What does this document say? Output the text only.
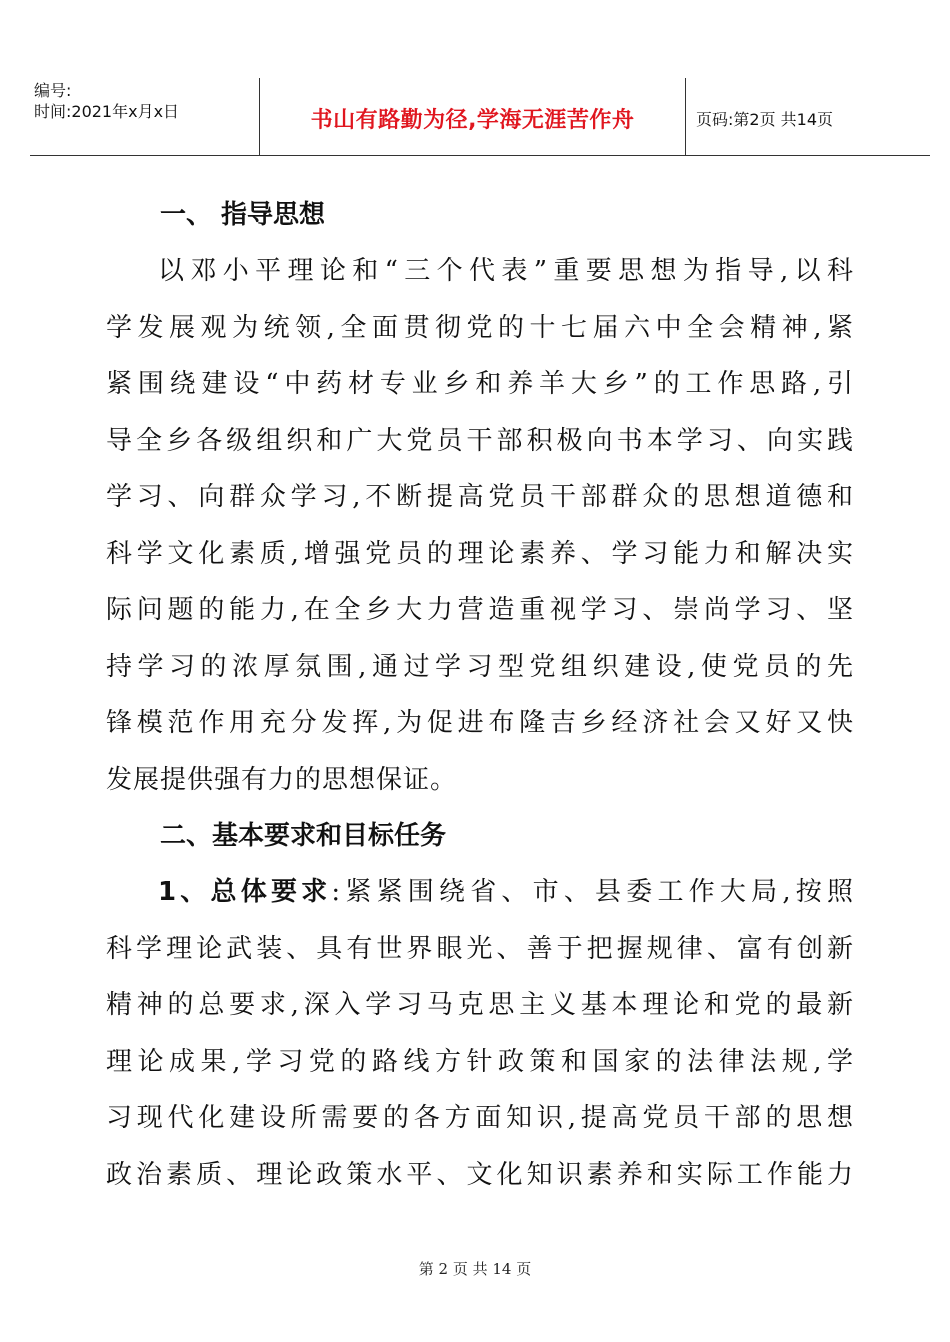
编号:
时间:2021年x月x日	书山有路勤为径,学海无涯苦作舟	页码:第2页 共14页
一、 指导思想

以邓小平理论和“三个代表”重要思想为指导,以科

学发展观为统领,全面贯彻党的十七届六中全会精神,紧

紧围绕建设“中药材专业乡和养羊大乡”的工作思路,引

导全乡各级组织和广大党员干部积极向书本学习、向实践

学习、向群众学习,不断提高党员干部群众的思想道德和

科学文化素质,增强党员的理论素养、学习能力和解决实

际问题的能力,在全乡大力营造重视学习、崇尚学习、坚

持学习的浓厚氛围,通过学习型党组织建设,使党员的先

锋模范作用充分发挥,为促进布隆吉乡经济社会又好又快

发展提供强有力的思想保证。

二、基本要求和目标任务

1、总体要求:紧紧围绕省、市、县委工作大局,按照

科学理论武装、具有世界眼光、善于把握规律、富有创新

精神的总要求,深入学习马克思主义基本理论和党的最新

理论成果,学习党的路线方针政策和国家的法律法规,学

习现代化建设所需要的各方面知识,提高党员干部的思想

政治素质、理论政策水平、文化知识素养和实际工作能力

第 2 页 共 14 页
